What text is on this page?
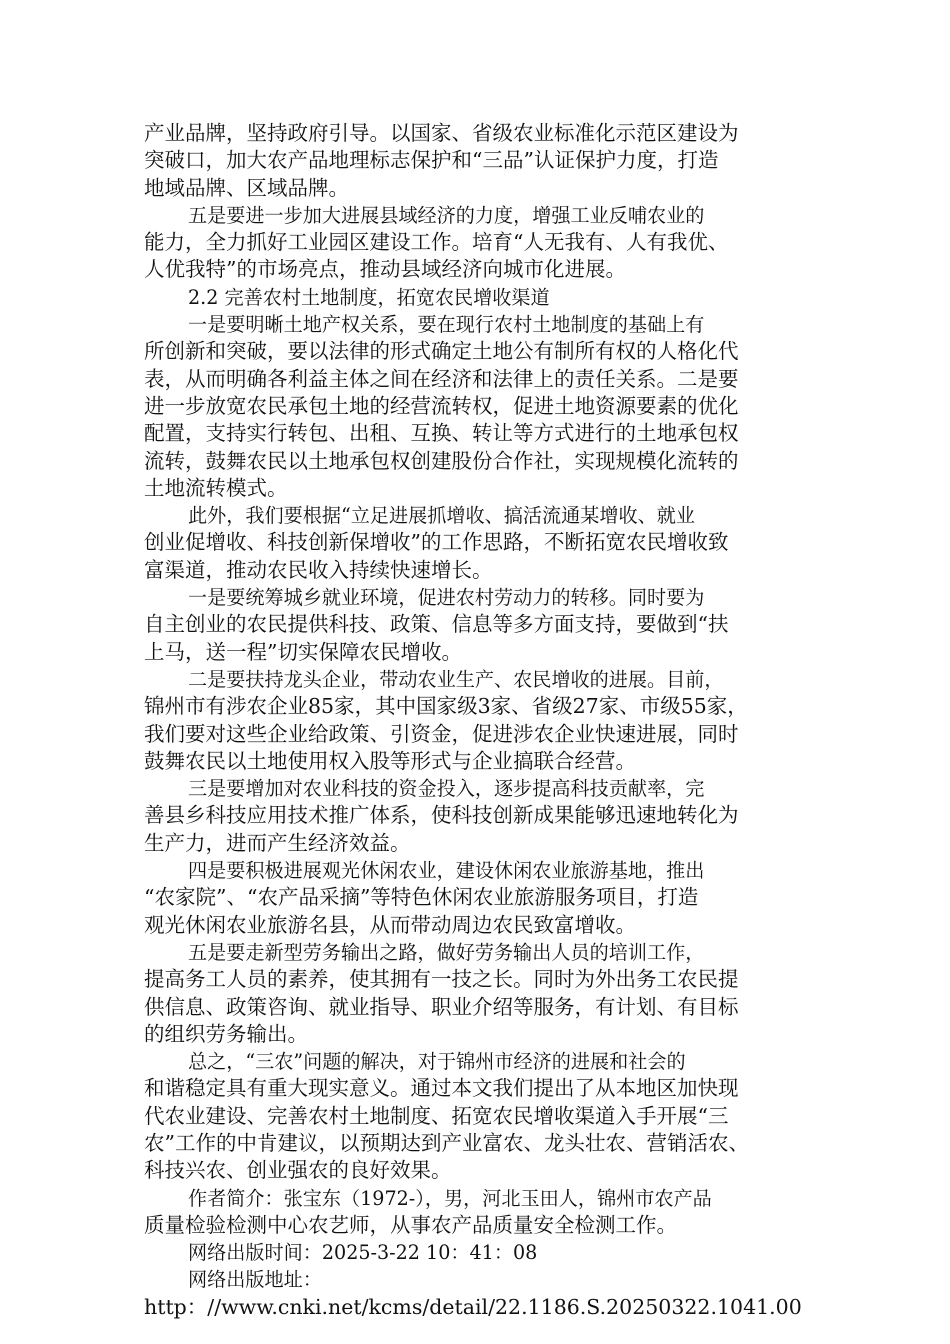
产业品牌，坚持政府引导。以国家、省级农业标准化示范区建设为
突破口，加大农产品地理标志保护和“三品”认证保护力度，打造
地域品牌、区域品牌。
五是要进一步加大进展县域经济的力度，增强工业反哺农业的
能力，全力抓好工业园区建设工作。培育“人无我有、人有我优、
人优我特”的市场亮点，推动县域经济向城市化进展。
2.2 完善农村土地制度，拓宽农民增收渠道
一是要明晰土地产权关系，要在现行农村土地制度的基础上有
所创新和突破，要以法律的形式确定土地公有制所有权的人格化代
表，从而明确各利益主体之间在经济和法律上的责任关系。二是要
进一步放宽农民承包土地的经营流转权，促进土地资源要素的优化
配置，支持实行转包、出租、互换、转让等方式进行的土地承包权
流转，鼓舞农民以土地承包权创建股份合作社，实现规模化流转的
土地流转模式。
此外，我们要根据“立足进展抓增收、搞活流通某增收、就业
创业促增收、科技创新保增收”的工作思路，不断拓宽农民增收致
富渠道，推动农民收入持续快速增长。
一是要统筹城乡就业环境，促进农村劳动力的转移。同时要为
自主创业的农民提供科技、政策、信息等多方面支持，要做到“扶
上马，送一程”切实保障农民增收。
二是要扶持龙头企业，带动农业生产、农民增收的进展。目前，
锦州市有涉农企业85家，其中国家级3家、省级27家、市级55家，
我们要对这些企业给政策、引资金，促进涉农企业快速进展，同时
鼓舞农民以土地使用权入股等形式与企业搞联合经营。
三是要增加对农业科技的资金投入，逐步提高科技贡献率，完
善县乡科技应用技术推广体系，使科技创新成果能够迅速地转化为
生产力，进而产生经济效益。
四是要积极进展观光休闲农业，建设休闲农业旅游基地，推出
“农家院”、“农产品采摘”等特色休闲农业旅游服务项目，打造
观光休闲农业旅游名县，从而带动周边农民致富增收。
五是要走新型劳务输出之路，做好劳务输出人员的培训工作，
提高务工人员的素养，使其拥有一技之长。同时为外出务工农民提
供信息、政策咨询、就业指导、职业介绍等服务，有计划、有目标
的组织劳务输出。
总之，“三农”问题的解决，对于锦州市经济的进展和社会的
和谐稳定具有重大现实意义。通过本文我们提出了从本地区加快现
代农业建设、完善农村土地制度、拓宽农民增收渠道入手开展“三
农”工作的中肯建议，以预期达到产业富农、龙头壮农、营销活农、
科技兴农、创业强农的良好效果。
作者简介：张宝东（1972-），男，河北玉田人，锦州市农产品
质量检验检测中心农艺师，从事农产品质量安全检测工作。
网络出版时间：2025-3-22 10：41：08
网络出版地址：
http：//www.cnki.net/kcms/detail/22.1186.S.20250322.1041.00
